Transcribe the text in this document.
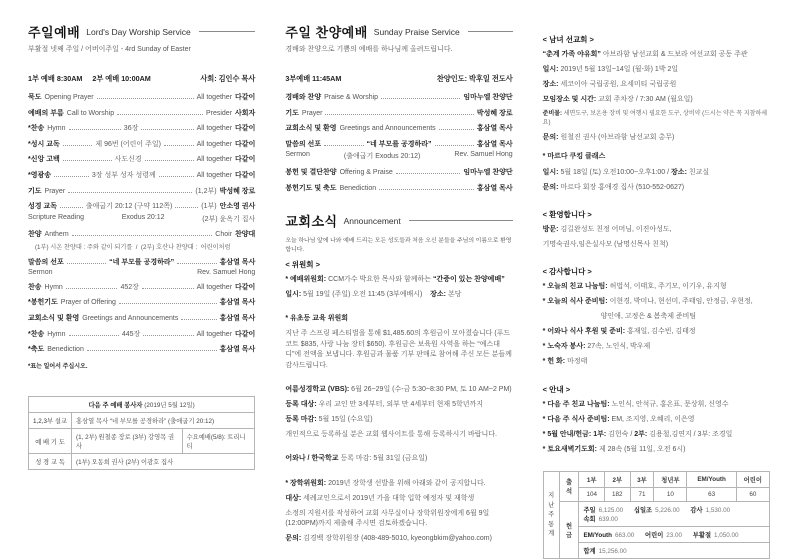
주일예배 Lord's Day Worship Service
부활절 넷째 주일 / 어버이주일 - 4rd Sunday of Easter
1부 예배 8:30AM     2부 예배 10:00AM	사회: 김인수 목사
묵도 Opening Prayer	All together 다같이
예배의 부름 Call to Worship	Presider 사회자
*찬송 Hymn	36장	All together 다같이
*성시 교독	제 96번 (어린이 주일)	All together 다같이
*신앙 고백	사도신경	All together 다같이
*영광송	3장 성부 성자 성령께	All together 다같이
기도 Prayer	(1,2부) 박성혜 장로
성경 교독	출애굽기 20:12 (구약 112쪽)	(1부) 안소영 권사
Scripture Reading	Exodus 20:12	(2부) 윤옥기 집사
찬양 Anthem	Choir 찬양대
(1부) 시온 찬양대 : 주와 같이 되기를  /  (2부) 호산나 찬양대 :  어린이처럼
말씀의 선포	“네 부모를 공경하라”	홍삼열 목사
Sermon	Rev. Samuel Hong
찬송 Hymn	452장	All together 다같이
*봉헌기도 Prayer of Offering	홍삼열 목사
교회소식 및 환영 Greetings and Announcements	홍삼열 목사
*찬송 Hymn	445장	All together 다같이
*축도 Benediction	홍삼열 목사
*표는 일어서 주십시오.
다음 주 예배 봉사자 (2019년 5월 12일)		
1,2,3부 설교	홍삼열 목사 “네 부모를 공경하라” (출애굽기 20:12)	
예 배 기 도	(1, 2부) 원철종 장로 (3부) 강영목 권사	수요예배(5/8): 트리니티
성 경 교 독	(1부) 오동희 권사 (2부) 이광호 집사	
주일 찬양예배 Sunday Praise Service
경배와 찬양으로 기쁨의 예배를 하나님께 올려드립니다.
3부예배 11:45AM	찬양인도: 박후일 전도사
경배와 찬양 Praise & Worship	임마누엘 찬양단
기도 Prayer	박성혜 장로
교회소식 및 환영 Greetings and Announcements	홍삼열 목사
말씀의 선포	“네 부모를 공경하라”	홍삼열 목사
Sermon	(출애굽기 Exodus 20:12)	Rev. Samuel Hong
봉헌 및 결단찬양 Offering & Praise	임마누엘 찬양단
봉헌기도 및 축도 Benediction	홍삼열 목사
교회소식 Announcement
오늘 하나님 앞에 나와 예배 드리는 모든 성도들과 처음 오신 분들을 주님의 이름으로 환영합니다.
< 위원회 >

* 예배위원회: CCM가수 박요한 목사와 함께하는 “간증이 있는 찬양예배”

일시: 5월 19일 (주일) 오전 11:45 (3부예배시)    장소: 본당

* 유초등 교육 위원회

지난 주 스프링 페스티벌을 통해 $1,485.60의 후원금이 모아졌습니다 (푸드 코트 $835, 사랑 나눔 장터 $650). 후원금은 보육원 사역을 하는 “예스대디”에 전액을 보냅니다. 후원금과 물품 기부 판매로 참여해 주신 모든 분들께 감사드립니다.

여름성경학교 (VBS): 6월 26~29일 (수-금 5:30~8:30 PM, 토 10 AM~2 PM)

등록 대상: 우리 교인 만 3세부터, 외부 만 4세부터 현재 5학년까지

등록 마감: 5월 15일 (수요일)

개인적으로 등록하실 분은 교회 웹사이트를 통해 등록하시기 바랍니다.

어와나 / 한국학교 등록 마감: 5월 31일 (금요일)

* 장학위원회: 2019년 장학생 선발을 위해 아래와 같이 공지합니다.

대상: 세례교인으로서 2019년 가을 대학 입학 예정자 및 재학생

소정의 지원서를 작성하여 교회 사무실이나 장학위원장에게 6월 9일(12:00PM)까지 제출해 주시면 검토하겠습니다.

문의: 김경백 장학위원장 (408-489-5010, kyeongbkim@yahoo.com)

< 남녀 선교회 >

“춘계 가족 야유회” 아브라함 남선교회 & 드보라 여선교회 공동 주관

일시: 2019년 5월 13일~14일 (월-화) 1박 2일

장소: 세코이아 국립공원, 요세미티 국립공원

모임장소 및 시간: 교회 주차장 / 7:30 AM (월요일)

준비물: 세면도구, 보온용 장비 및 여행시 필요한 도구, 상비약 (드시는 약은 꼭 지참하세요)

문의: 원철진 권사 (아브라함 남선교회 총무)

* 마르다 쿠킹 클래스

일시: 5월 18일 (토) 오전10:00~오후1:00 / 장소: 친교실

문의: 마르다 회장 홍애경 집사 (510-552-0627)

< 환영합니다 >

방문: 김길완성도 친정 어머님, 이진아성도,

기명숙권사,임은실사모 (남명신목사 친척)

< 감사합니다 >

* 오늘의 친교 나눔팀: 허법석, 이태호, 주기모, 이기우, 유지형

* 오늘의 식사 준비팀: 이현경, 박미나, 현선미, 주태임, 안정금, 우현정,

양인애, 고정은 & 봄축제 준비팀

* 어와나 식사 후원 및 준비: 홍재일, 김수빈, 김태정

* 노숙자 봉사: 27속, 노인식, 박우제

* 헌 화: 마정태

< 안내 >

* 다음 주 친교 나눔팀: 노인식, 안석규, 홍온표, 문상휘, 신영수

* 다음 주 식사 준비팀: EM, 조지영, 오혜리, 이은영

* 5월 안내/헌금: 1부: 김헌숙 / 2부: 김용철,김연지 / 3부: 조경일

* 토요새벽기도회: 제 28속 (5월 11일, 오전 6시)

지난주통계	출석	1부	2부	3부	청년부	EM/Youth	어린이
		104	182	71	10	63	60
	헌금	주일 6,125.00 십일조 5,226.00 감사 1,530.00 속회 639.00					
		EM/Youth 663.00 어린이 23.00 부활절 1,050.00					
		합계 15,256.00					
